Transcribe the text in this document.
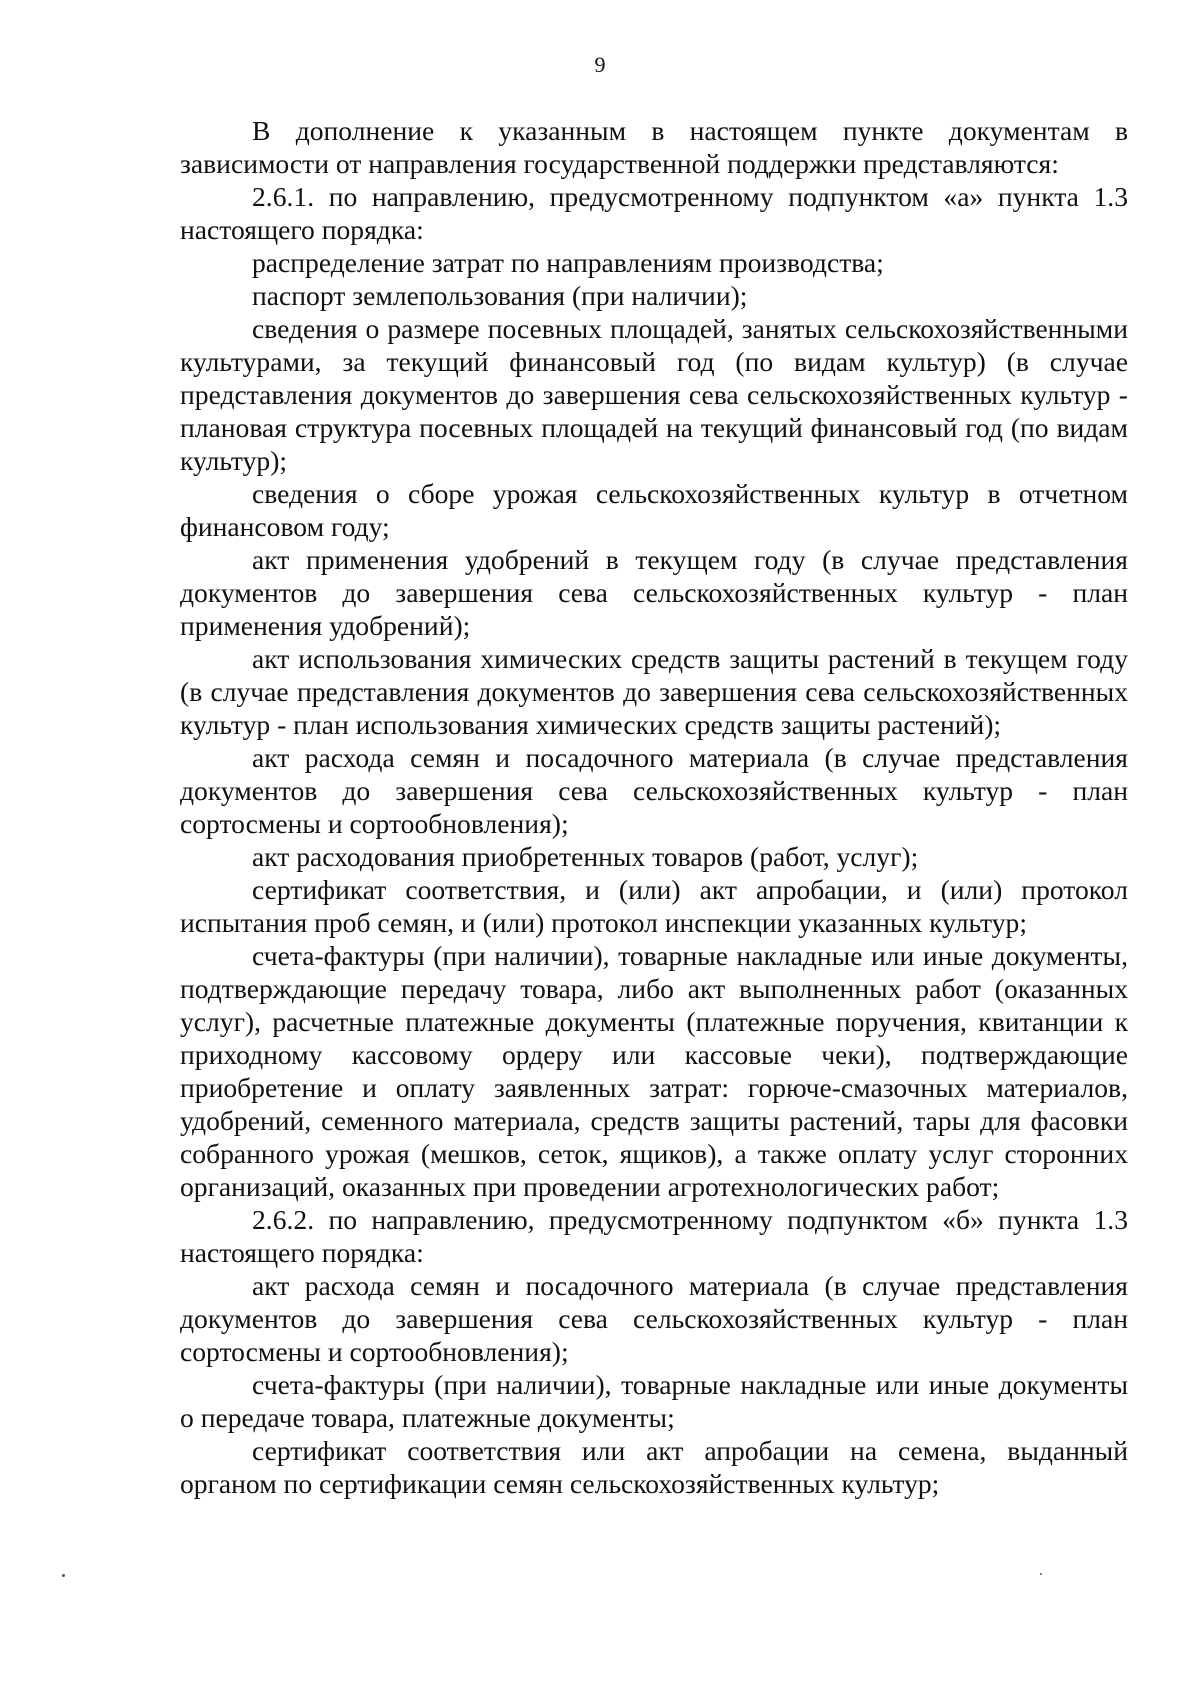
9

В дополнение к указанным в настоящем пункте документам в зависимости от направления государственной поддержки представляются:

2.6.1. по направлению, предусмотренному подпунктом «а» пункта 1.3 настоящего порядка:

распределение затрат по направлениям производства;

паспорт землепользования (при наличии);

сведения о размере посевных площадей, занятых сельскохозяйственными культурами, за текущий финансовый год (по видам культур) (в случае представления документов до завершения сева сельскохозяйственных культур - плановая структура посевных площадей на текущий финансовый год (по видам культур);

сведения о сборе урожая сельскохозяйственных культур в отчетном финансовом году;

акт применения удобрений в текущем году (в случае представления документов до завершения сева сельскохозяйственных культур - план применения удобрений);

акт использования химических средств защиты растений в текущем году (в случае представления документов до завершения сева сельскохозяйственных культур - план использования химических средств защиты растений);

акт расхода семян и посадочного материала (в случае представления документов до завершения сева сельскохозяйственных культур - план сортосмены и сортообновления);

акт расходования приобретенных товаров (работ, услуг);

сертификат соответствия, и (или) акт апробации, и (или) протокол испытания проб семян, и (или) протокол инспекции указанных культур;

счета-фактуры (при наличии), товарные накладные или иные документы, подтверждающие передачу товара, либо акт выполненных работ (оказанных услуг), расчетные платежные документы (платежные поручения, квитанции к приходному кассовому ордеру или кассовые чеки), подтверждающие приобретение и оплату заявленных затрат: горюче-смазочных материалов, удобрений, семенного материала, средств защиты растений, тары для фасовки собранного урожая (мешков, сеток, ящиков), а также оплату услуг сторонних организаций, оказанных при проведении агротехнологических работ;

2.6.2. по направлению, предусмотренному подпунктом «б» пункта 1.3 настоящего порядка:

акт расхода семян и посадочного материала (в случае представления документов до завершения сева сельскохозяйственных культур - план сортосмены и сортообновления);

счета-фактуры (при наличии), товарные накладные или иные документы о передаче товара, платежные документы;

сертификат соответствия или акт апробации на семена, выданный органом по сертификации семян сельскохозяйственных культур;
